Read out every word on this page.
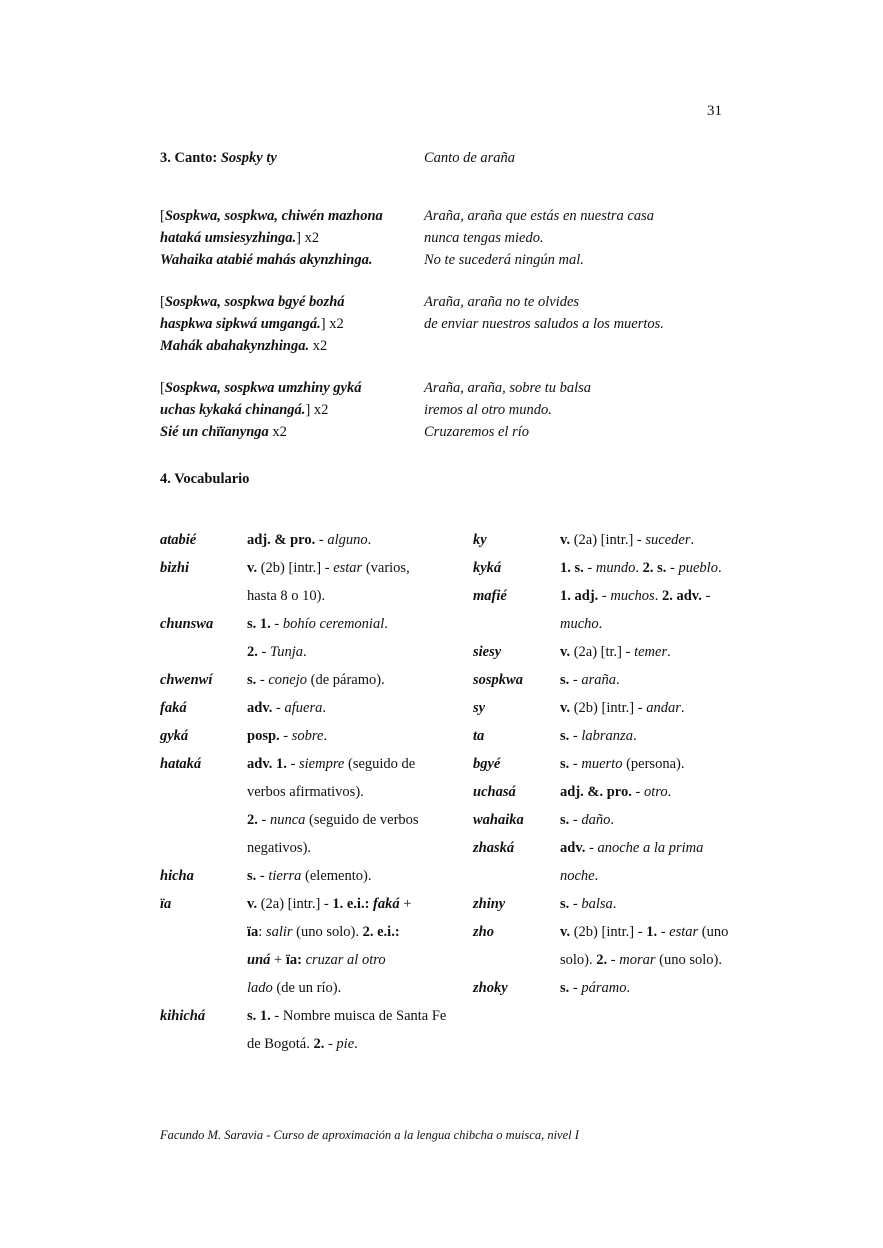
31
3. Canto: Sospky ty	Canto de araña
[Sospkwa, sospkwa, chiwén mazhona	Araña, araña que estás en nuestra casa
hataká umsiesyzhinga.] x2	nunca tengas miedo.
Wahaika atabié mahás akynzhinga.	No te sucederá ningún mal.
[Sospkwa, sospkwa bgyé bozhá	Araña, araña no te olvides
haspkwa sipkwá umgangá.] x2	de enviar nuestros saludos a los muertos.
Mahák abahakynzhinga. x2
[Sospkwa, sospkwa umzhiny gyká	Araña, araña, sobre tu balsa
uchas kykaká chinangá.] x2	iremos al otro mundo.
Sié un chïïanynga x2	Cruzaremos el río
4. Vocabulario
atabié	adj. & pro. - alguno.
bizhi	v. (2b) [intr.] - estar (varios,
hasta 8 o 10).
chunswa s. 1. - bohío ceremonial.
2. - Tunja.
chwenwí s. - conejo (de páramo).
faká	adv. - afuera.
gyká	posp. - sobre.
hataká	adv. 1. - siempre (seguido de
verbos afirmativos).
2. - nunca (seguido de verbos
negativos).
hicha	s. - tierra (elemento).
ïa	v. (2a) [intr.] - 1. e.i.: faká +
ïa: salir (uno solo). 2. e.i.:
uná + ïa: cruzar al otro
lado (de un río).
kihichá	s. 1. - Nombre muisca de Santa Fe
de Bogotá. 2. - pie.
ky	v. (2a) [intr.] - suceder.
kyká	1. s. - mundo. 2. s. - pueblo.
mafié	1. adj. - muchos. 2. adv. -
mucho.
siesy	v. (2a) [tr.] - temer.
sospkwa	s. - araña.
sy	v. (2b) [intr.] - andar.
ta	s. - labranza.
bgyé	s. - muerto (persona).
uchasá	adj. &. pro. - otro.
wahaika s. - daño.
zhaská	adv. - anoche a la prima
noche.
zhiny	s. - balsa.
zho	v. (2b) [intr.] - 1. - estar (uno
solo). 2. - morar (uno solo).
zhoky	s. - páramo.
Facundo M. Saravia - Curso de aproximación a la lengua chibcha o muisca, nivel I
